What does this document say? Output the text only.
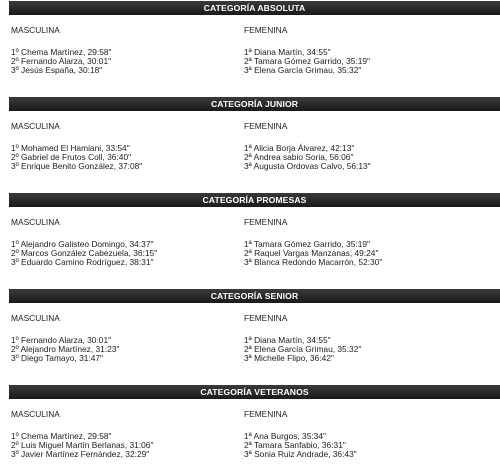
CATEGORÍA ABSOLUTA
MASCULINA
1º Chema Martínez, 29:58"
2º Fernando Alarza, 30:01"
3º Jesús España, 30:18"
FEMENINA
1ª Diana Martín, 34:55"
2ª Tamara Gómez Garrido, 35:19"
3ª Elena García Grimau, 35:32"
CATEGORÍA JUNIOR
MASCULINA
1º Mohamed El Hamiani, 33:54"
2º Gabriel de Frutos Coll, 36:40"
3º Enrique Benito González, 37:08"
FEMENINA
1ª Alicia Borja Álvarez, 42:13"
2ª Andrea sabio Soria, 56:06"
3ª Augusta Ordovas Calvo, 56:13"
CATEGORÍA PROMESAS
MASCULINA
1º Alejandro Galisteo Domingo, 34:37"
2º Marcos González Cabezuela, 36:15"
3º Eduardo Camino Rodríguez, 38:31"
FEMENINA
1ª Tamara Gómez Garrido, 35:19"
2ª Raquel Vargas Manzanas, 49:24"
3ª Blanca Redondo Macarrón, 52:30"
CATEGORÍA SENIOR
MASCULINA
1º Fernando Alarza, 30:01"
2º Alejandro Martínez, 31:23"
3º Diego Tamayo, 31:47"
FEMENINA
1ª Diana Martín, 34:55"
2ª Elena García Grimau, 35:32"
3ª Michelle Flipo, 36:42"
CATEGORÍA VETERANOS
MASCULINA
1º Chema Martínez, 29:58"
2º Luis Miguel Martín Berlanas, 31:06"
3º Javier Martínez Fernández, 32:29"
FEMENINA
1ª Ana Burgos, 35:34"
2ª Tamara Sanfabio, 36:31"
3ª Sonia Ruiz Andrade, 36:43"
